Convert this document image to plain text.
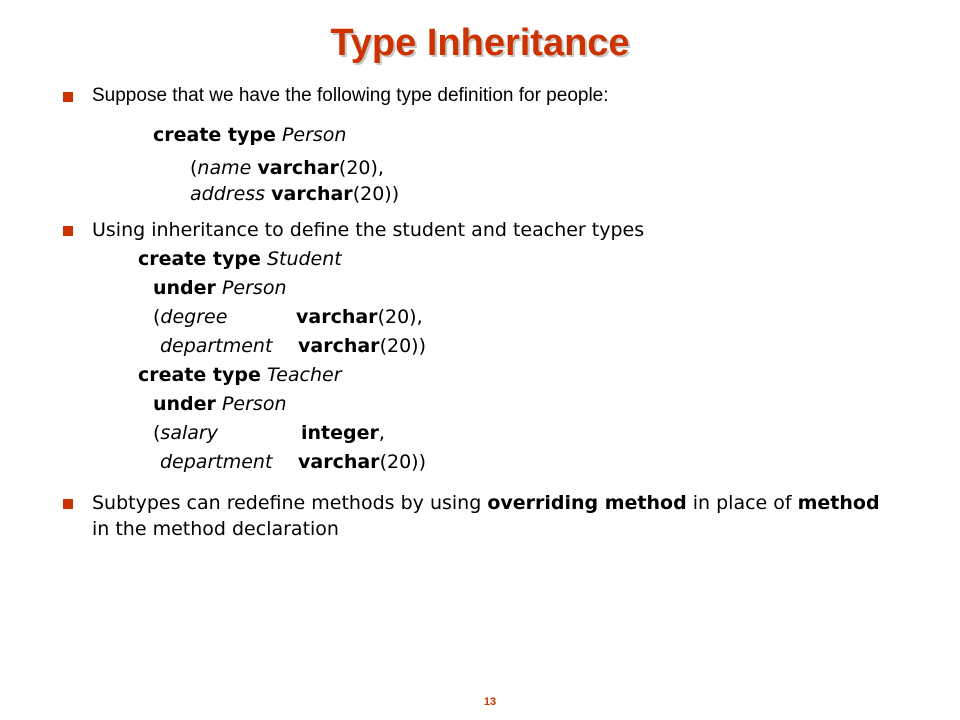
Type Inheritance
Suppose that we have the following type definition for people:
create type Person
(name varchar(20),
address varchar(20))
Using inheritance to define the student and teacher types
create type Student
under Person
(degree	varchar(20),
department varchar(20))
create type Teacher
under Person
(salary	integer,
department varchar(20))
Subtypes can redefine methods by using overriding method in place of method in the method declaration
13
